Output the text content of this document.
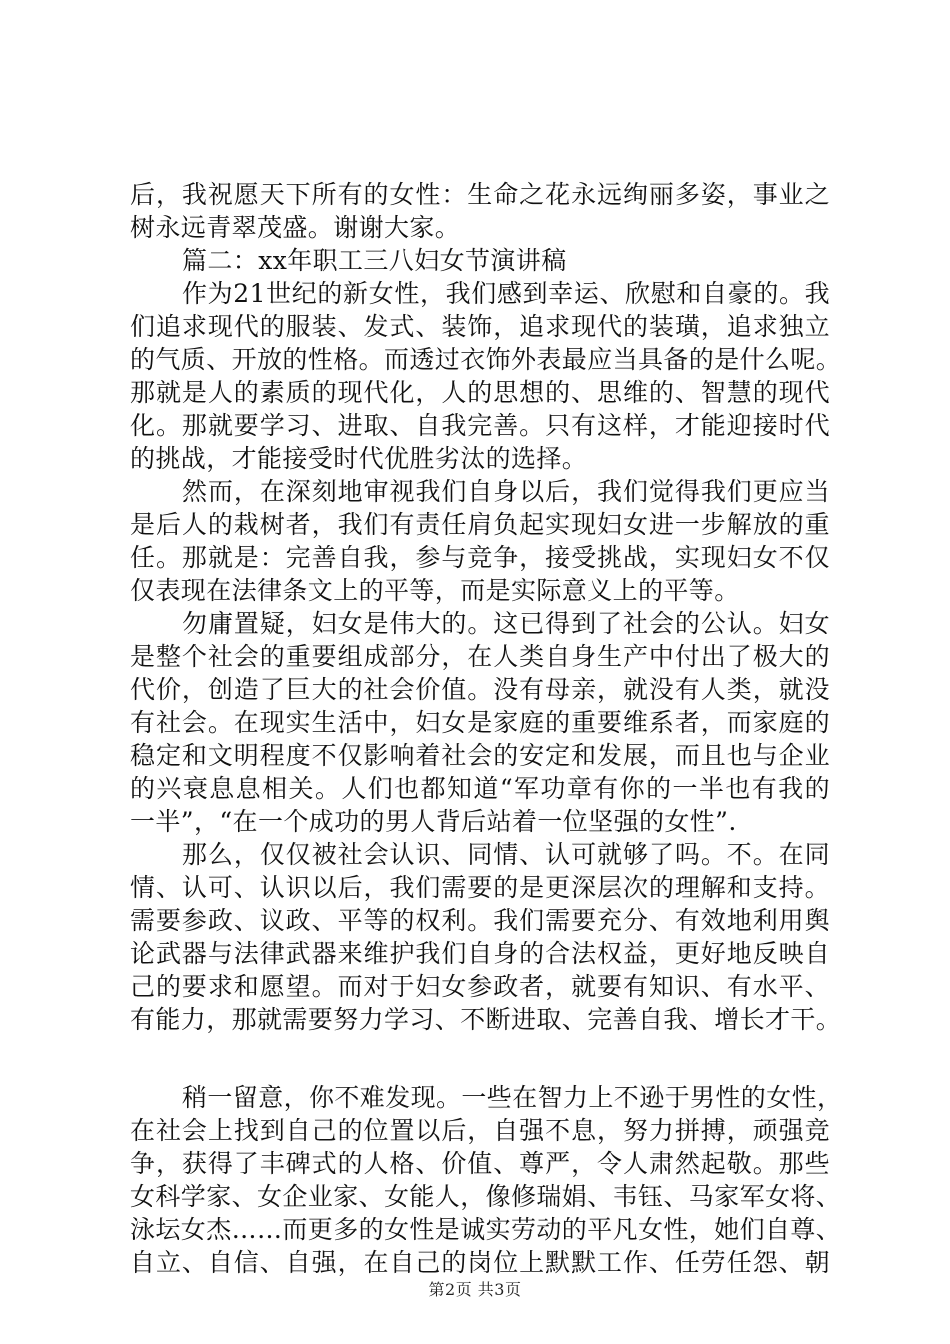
后，我祝愿天下所有的女性：生命之花永远绚丽多姿，事业之
树永远青翠茂盛。谢谢大家。
篇二：xx年职工三八妇女节演讲稿
作为21世纪的新女性，我们感到幸运、欣慰和自豪的。我
们追求现代的服装、发式、装饰，追求现代的装璜，追求独立
的气质、开放的性格。而透过衣饰外表最应当具备的是什么呢。
那就是人的素质的现代化，人的思想的、思维的、智慧的现代
化。那就要学习、进取、自我完善。只有这样，才能迎接时代
的挑战，才能接受时代优胜劣汰的选择。
然而，在深刻地审视我们自身以后，我们觉得我们更应当
是后人的栽树者，我们有责任肩负起实现妇女进一步解放的重
任。那就是：完善自我，参与竞争，接受挑战，实现妇女不仅
仅表现在法律条文上的平等，而是实际意义上的平等。
勿庸置疑，妇女是伟大的。这已得到了社会的公认。妇女
是整个社会的重要组成部分，在人类自身生产中付出了极大的
代价，创造了巨大的社会价值。没有母亲，就没有人类，就没
有社会。在现实生活中，妇女是家庭的重要维系者，而家庭的
稳定和文明程度不仅影响着社会的安定和发展，而且也与企业
的兴衰息息相关。人们也都知道“军功章有你的一半也有我的
一半”，“在一个成功的男人背后站着一位坚强的女性”.
那么，仅仅被社会认识、同情、认可就够了吗。不。在同
情、认可、认识以后，我们需要的是更深层次的理解和支持。
需要参政、议政、平等的权利。我们需要充分、有效地利用舆
论武器与法律武器来维护我们自身的合法权益，更好地反映自
己的要求和愿望。而对于妇女参政者，就要有知识、有水平、
有能力，那就需要努力学习、不断进取、完善自我、增长才干。
稍一留意，你不难发现。一些在智力上不逊于男性的女性，
在社会上找到自己的位置以后，自强不息，努力拼搏，顽强竞
争，获得了丰碑式的人格、价值、尊严，令人肃然起敬。那些
女科学家、女企业家、女能人，像修瑞娟、韦钰、马家军女将、
泳坛女杰……而更多的女性是诚实劳动的平凡女性，她们自尊、
自立、自信、自强，在自己的岗位上默默工作、任劳任怨、朝
第2页 共3页
